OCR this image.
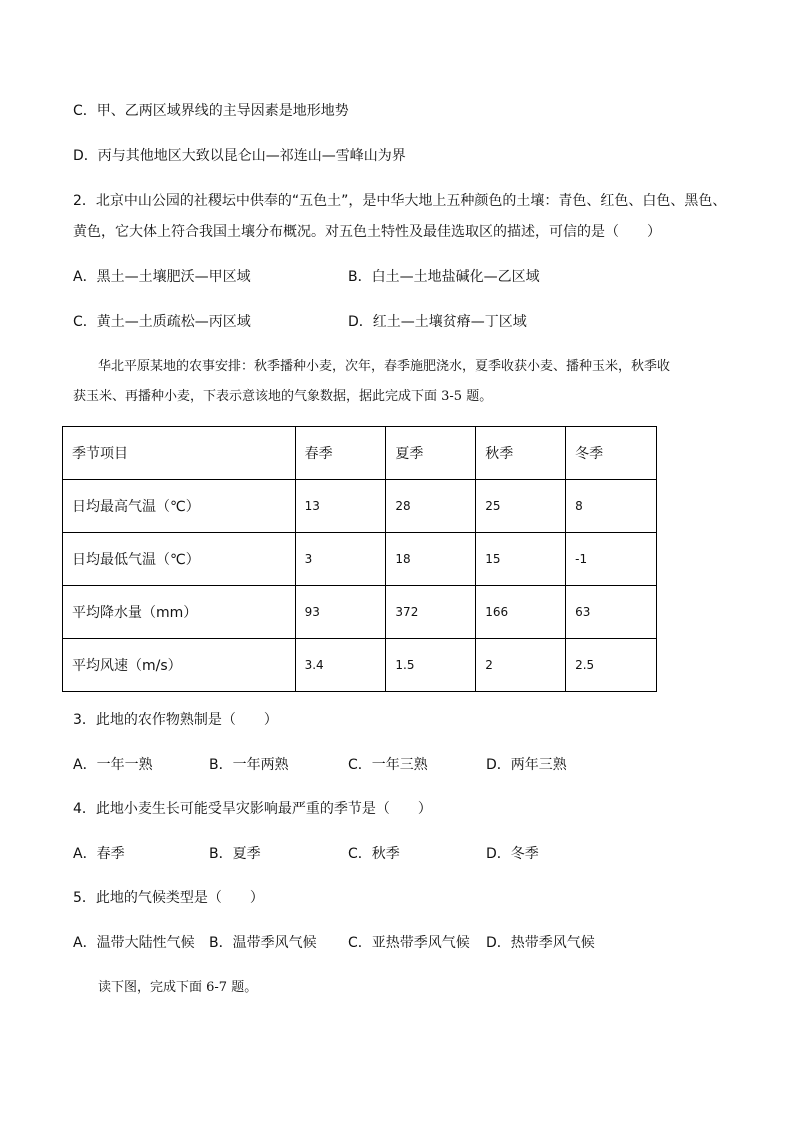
C．甲、乙两区域界线的主导因素是地形地势
D．丙与其他地区大致以昆仑山—祁连山—雪峰山为界
2．北京中山公园的社稷坛中供奉的“五色土”，是中华大地上五种颜色的土壤：青色、红色、白色、黑色、
黄色，它大体上符合我国土壤分布概况。对五色土特性及最佳选取区的描述，可信的是（　　）
A．黑土—土壤肥沃—甲区域	B．白土—土地盐碱化—乙区域
C．黄土—土质疏松—丙区域	D．红土—土壤贫瘠—丁区域
华北平原某地的农事安排：秋季播种小麦，次年，春季施肥浇水，夏季收获小麦、播种玉米，秋季收
获玉米、再播种小麦，下表示意该地的气象数据，据此完成下面 3-5 题。
季节项目	春季	夏季	秋季	冬季
日均最高气温（℃）	13	28	25	8
日均最低气温（℃）	3	18	15	-1
平均降水量（mm）	93	372	166	63
平均风速（m/s）	3.4	1.5	2	2.5
3．此地的农作物熟制是（　　）
A．一年一熟	B．一年两熟	C．一年三熟	D．两年三熟
4．此地小麦生长可能受旱灾影响最严重的季节是（　　）
A．春季	B．夏季	C．秋季	D．冬季
5．此地的气候类型是（　　）
A．温带大陆性气候 B．温带季风气候 C．亚热带季风气候 D．热带季风气候
读下图，完成下面 6-7 题。
